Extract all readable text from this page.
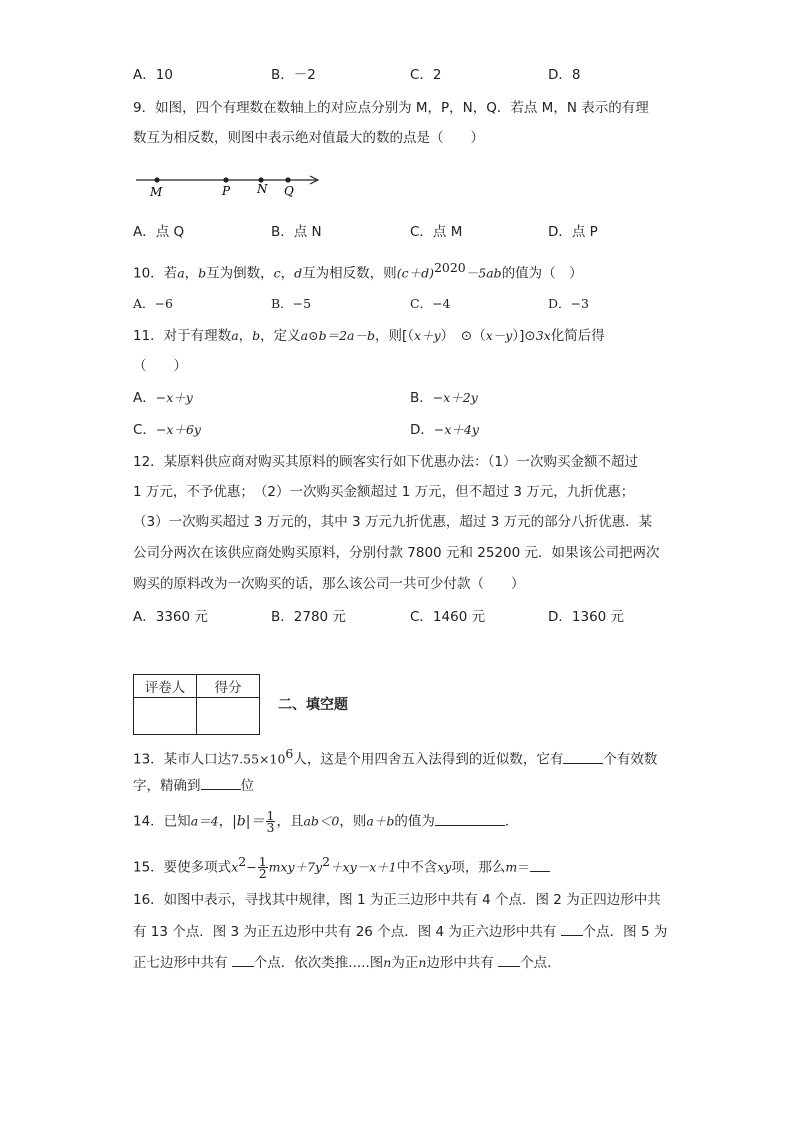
A．10	B．－2	C．2	D．8
9．如图，四个有理数在数轴上的对应点分别为 M，P，N，Q．若点 M，N 表示的有理
数互为相反数，则图中表示绝对值最大的数的点是（　　）
M	P N Q
A．点 Q	B．点 N	C．点 M	D．点 P
10．若a，b互为倒数，c，d互为相反数，则$(c+d)^{2020}-5ab$的值为（　）
A．−6	B．−5	C．−4	D．−3
11．对于有理数a，b，定义a⊙b＝2a－b，则[（x＋y）　⊙（x－y）]⊙3x化简后得
（　　）
A．−x＋y	B．−x＋2y
C．−x＋6y	D．−x＋4y
12．某原料供应商对购买其原料的顾客实行如下优惠办法：（1）一次购买金额不超过
1 万元，不予优惠；　（2）一次购买金额超过 1 万元，但不超过 3 万元，九折优惠；
（3）一次购买超过 3 万元的，其中 3 万元九折优惠，超过 3 万元的部分八折优惠．某
公司分两次在该供应商处购买原料，分别付款 7800 元和 25200 元．如果该公司把两次
购买的原料改为一次购买的话，那么该公司一共可少付款（　　）
A．3360 元	B．2780 元	C．1460 元	D．1360 元
评卷人	得分

二、填空题
13．某市人口达$7.55\times 10^6$人，这是个用四舍五入法得到的近似数，它有	个有效数
字，精确到	位
14．已知a＝4，$|b|= \frac{1}{3}$ ，且ab＜0，则a＋b的值为	．
15．要使多项式$x^2- \frac{1}{2} mxy+7y^2+xy-x+1$中不含xy项，那么m＝
16．如图中表示，寻找其中规律，图 1 为正三边形中共有 4 个点．图 2 为正四边形中共
有 13 个点．图 3 为正五边形中共有 26 个点．图 4 为正六边形中共有 个点．图 5 为
正七边形中共有 个点．依次类推.....图n为正n边形中共有 个点．
